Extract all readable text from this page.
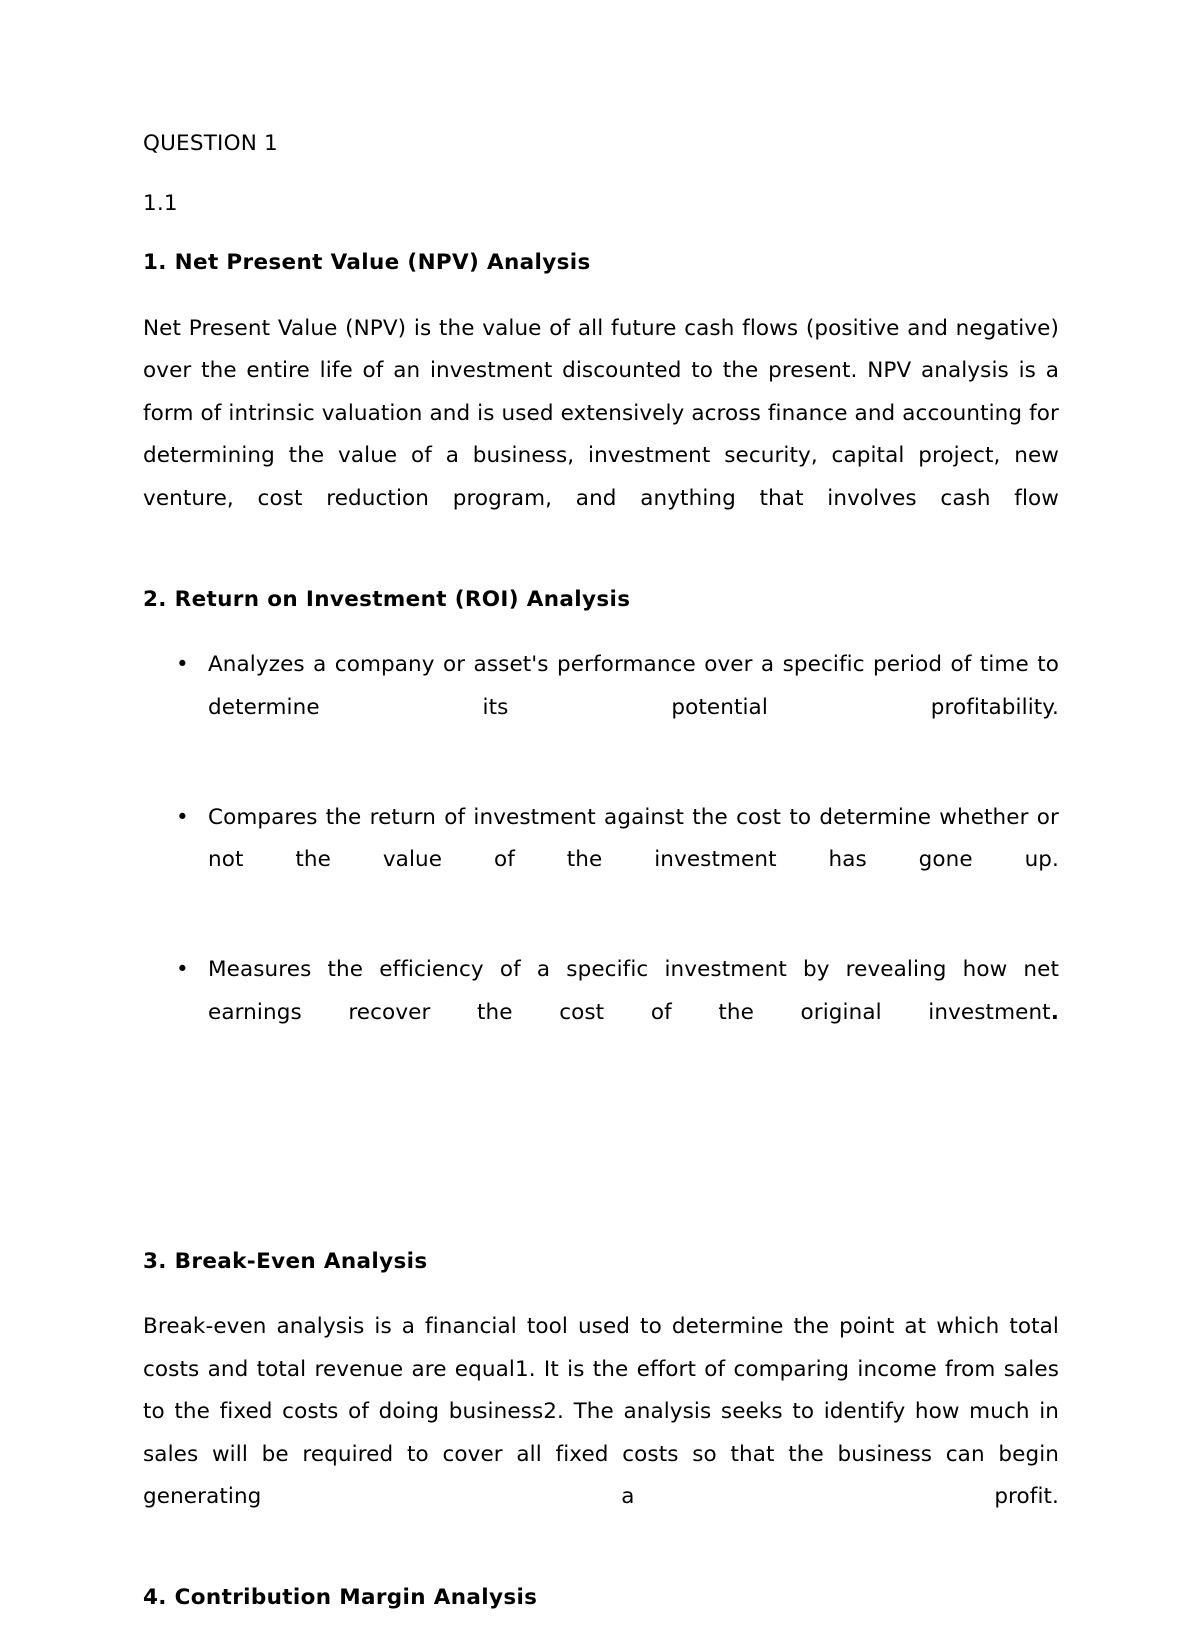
QUESTION 1

1.1

1. Net Present Value (NPV) Analysis

Net Present Value (NPV) is the value of all future cash flows (positive and negative) over the entire life of an investment discounted to the present. NPV analysis is a form of intrinsic valuation and is used extensively across finance and accounting for determining the value of a business, investment security, capital project, new venture, cost reduction program, and anything that involves cash flow

2. Return on Investment (ROI) Analysis
• Analyzes a company or asset's performance over a specific period of time to determine its potential profitability.
• Compares the return of investment against the cost to determine whether or not the value of the investment has gone up.
• Measures the efficiency of a specific investment by revealing how net earnings recover the cost of the original investment.
3. Break-Even Analysis

Break-even analysis is a financial tool used to determine the point at which total costs and total revenue are equal1. It is the effort of comparing income from sales to the fixed costs of doing business2. The analysis seeks to identify how much in sales will be required to cover all fixed costs so that the business can begin generating a profit.

4. Contribution Margin Analysis
